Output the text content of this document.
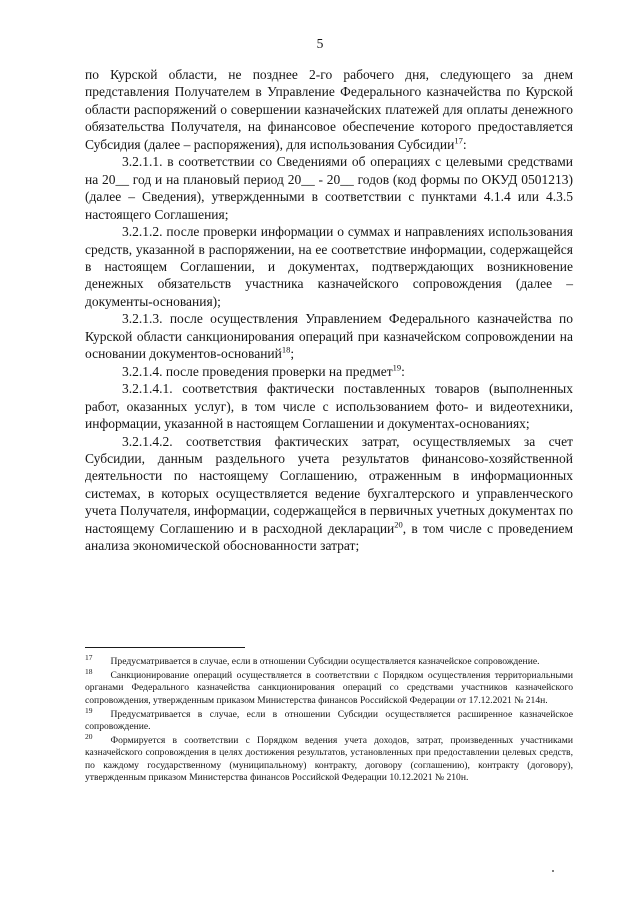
5

по Курской области, не позднее 2-го рабочего дня, следующего за днем представления Получателем в Управление Федерального казначейства по Курской области распоряжений о совершении казначейских платежей для оплаты денежного обязательства Получателя, на финансовое обеспечение которого предоставляется Субсидия (далее – распоряжения), для использования Субсидии$^{17}$:

3.2.1.1. в соответствии со Сведениями об операциях с целевыми средствами на 20__ год и на плановый период 20__ - 20__ годов (код формы по ОКУД 0501213) (далее – Сведения), утвержденными в соответствии с пунктами 4.1.4 или 4.3.5 настоящего Соглашения;

3.2.1.2. после проверки информации о суммах и направлениях использования средств, указанной в распоряжении, на ее соответствие информации, содержащейся в настоящем Соглашении, и документах, подтверждающих возникновение денежных обязательств участника казначейского сопровождения (далее – документы-основания);

3.2.1.3. после осуществления Управлением Федерального казначейства по Курской области санкционирования операций при казначейском сопровождении на основании документов-оснований$^{18}$;

3.2.1.4. после проведения проверки на предмет$^{19}$:

3.2.1.4.1. соответствия фактически поставленных товаров (выполненных работ, оказанных услуг), в том числе с использованием фото- и видеотехники, информации, указанной в настоящем Соглашении и документах-основаниях;

3.2.1.4.2. соответствия фактических затрат, осуществляемых за счет Субсидии, данным раздельного учета результатов финансово-хозяйственной деятельности по настоящему Соглашению, отраженным в информационных системах, в которых осуществляется ведение бухгалтерского и управленческого учета Получателя, информации, содержащейся в первичных учетных документах по настоящему Соглашению и в расходной декларации$^{20}$, в том числе с проведением анализа экономической обоснованности затрат;

$^{17}$ Предусматривается в случае, если в отношении Субсидии осуществляется казначейское сопровождение.

$^{18}$ Санкционирование операций осуществляется в соответствии с Порядком осуществления территориальными органами Федерального казначейства санкционирования операций со средствами участников казначейского сопровождения, утвержденным приказом Министерства финансов Российской Федерации от 17.12.2021 № 214н.

$^{19}$ Предусматривается в случае, если в отношении Субсидии осуществляется расширенное казначейское сопровождение.

$^{20}$ Формируется в соответствии с Порядком ведения учета доходов, затрат, произведенных участниками казначейского сопровождения в целях достижения результатов, установленных при предоставлении целевых средств, по каждому государственному (муниципальному) контракту, договору (соглашению), контракту (договору), утвержденным приказом Министерства финансов Российской Федерации 10.12.2021 № 210н.
